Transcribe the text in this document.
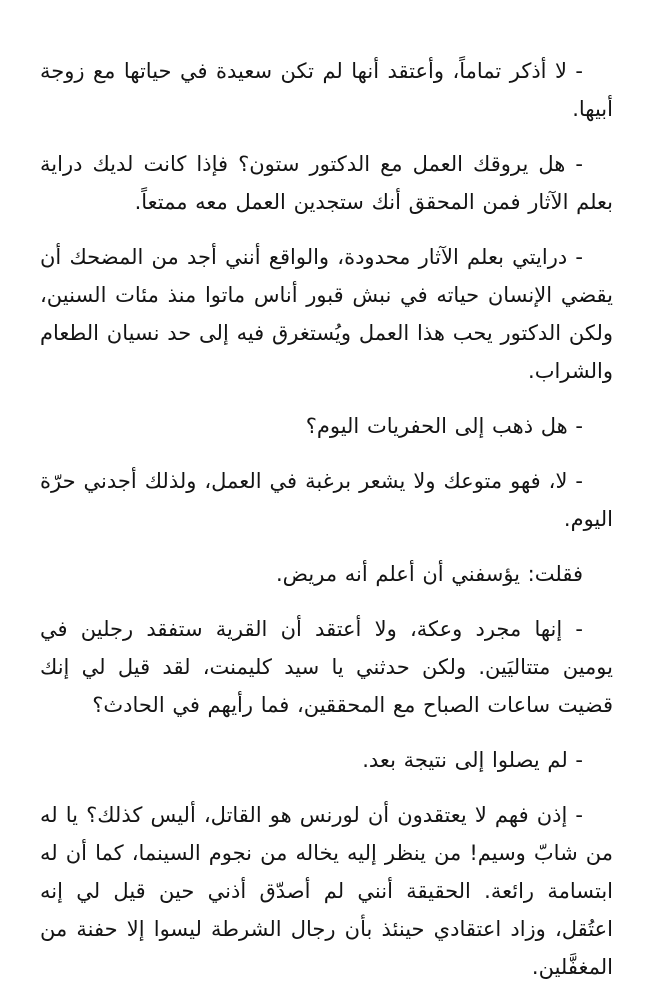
- لا أذكر تماماً، وأعتقد أنها لم تكن سعيدة في حياتها مع زوجة أبيها.

- هل يروقك العمل مع الدكتور ستون؟ فإذا كانت لديك دراية بعلم الآثار فمن المحقق أنك ستجدين العمل معه ممتعاً.

- درايتي بعلم الآثار محدودة، والواقع أنني أجد من المضحك أن يقضي الإنسان حياته في نبش قبور أناس ماتوا منذ مئات السنين، ولكن الدكتور يحب هذا العمل ويُستغرق فيه إلى حد نسيان الطعام والشراب.

- هل ذهب إلى الحفريات اليوم؟

- لا، فهو متوعك ولا يشعر برغبة في العمل، ولذلك أجدني حرّة اليوم.

فقلت: يؤسفني أن أعلم أنه مريض.

- إنها مجرد وعكة، ولا أعتقد أن القرية ستفقد رجلين في يومين متتاليَين. ولكن حدثني يا سيد كليمنت، لقد قيل لي إنك قضيت ساعات الصباح مع المحققين، فما رأيهم في الحادث؟

- لم يصلوا إلى نتيجة بعد.

- إذن فهم لا يعتقدون أن لورنس هو القاتل، أليس كذلك؟ يا له من شابّ وسيم! من ينظر إليه يخاله من نجوم السينما، كما أن له ابتسامة رائعة. الحقيقة أنني لم أصدّق أذني حين قيل لي إنه اعتُقل، وزاد اعتقادي حينئذ بأن رجال الشرطة ليسوا إلا حفنة من المغفَّلين.
